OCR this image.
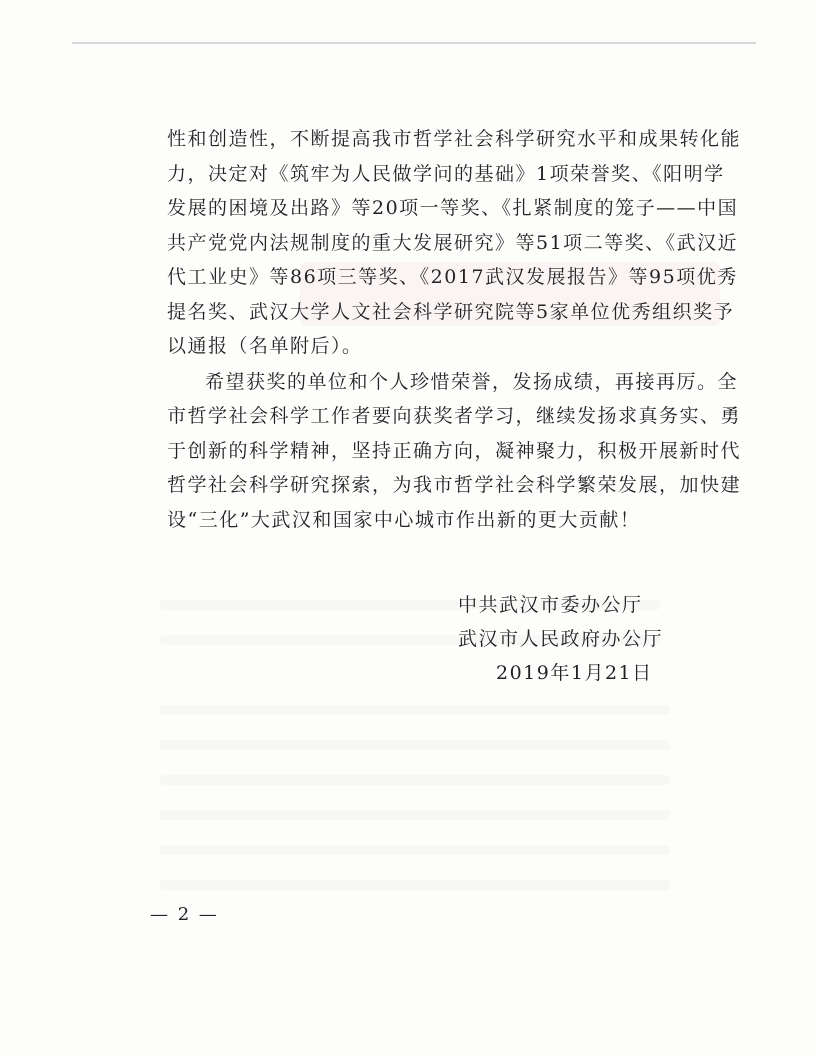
性和创造性，不断提高我市哲学社会科学研究水平和成果转化能
力，决定对《筑牢为人民做学问的基础》1项荣誉奖、《阳明学
发展的困境及出路》等20项一等奖、《扎紧制度的笼子——中国
共产党党内法规制度的重大发展研究》等51项二等奖、《武汉近
代工业史》等86项三等奖、《2017武汉发展报告》等95项优秀
提名奖、武汉大学人文社会科学研究院等5家单位优秀组织奖予
以通报（名单附后）。
希望获奖的单位和个人珍惜荣誉，发扬成绩，再接再厉。全
市哲学社会科学工作者要向获奖者学习，继续发扬求真务实、勇
于创新的科学精神，坚持正确方向，凝神聚力，积极开展新时代
哲学社会科学研究探索，为我市哲学社会科学繁荣发展，加快建
设“三化”大武汉和国家中心城市作出新的更大贡献！
中共武汉市委办公厅
武汉市人民政府办公厅
2019年1月21日
— 2 —
